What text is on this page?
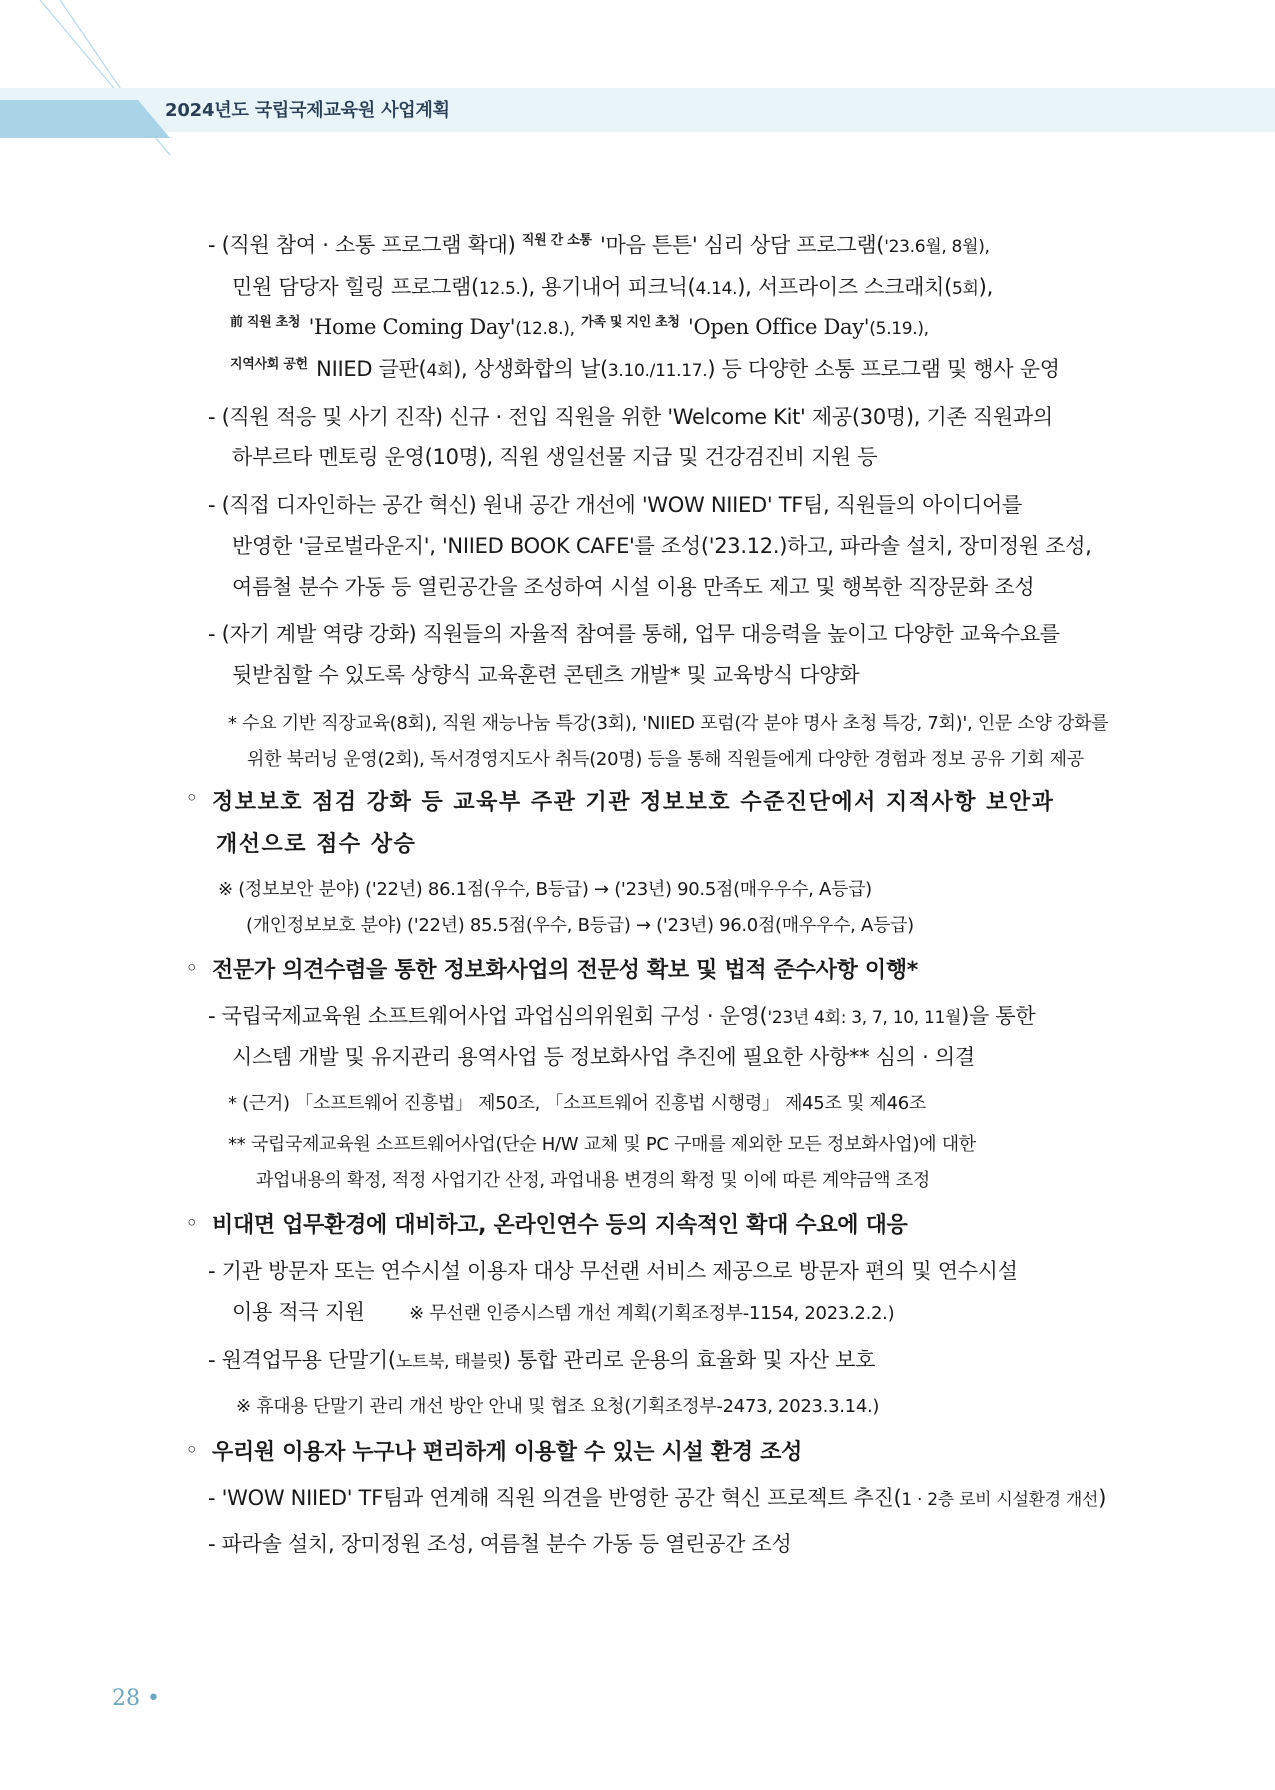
2024년도 국립국제교육원 사업계획
- (직원 참여 · 소통 프로그램 확대) $^{직원 간 소통}$ '마음 튼튼' 심리 상담 프로그램('23.6월, 8월),
민원 담당자 힐링 프로그램(12.5.), 용기내어 피크닉(4.14.), 서프라이즈 스크래치(5회),
$^{前 직원 초청}$ 'Home Coming Day'(12.8.), $^{가족 및 지인 초청}$ 'Open Office Day'(5.19.),
$^{지역사회 공헌}$ NIIED 글판(4회), 상생화합의 날(3.10./11.17.) 등 다양한 소통 프로그램 및 행사 운영
- (직원 적응 및 사기 진작) 신규 · 전입 직원을 위한 'Welcome Kit' 제공(30명), 기존 직원과의
하부르타 멘토링 운영(10명), 직원 생일선물 지급 및 건강검진비 지원 등
- (직접 디자인하는 공간 혁신) 원내 공간 개선에 'WOW NIIED' TF팀, 직원들의 아이디어를
반영한 '글로벌라운지', 'NIIED BOOK CAFE'를 조성('23.12.)하고, 파라솔 설치, 장미정원 조성,
여름철 분수 가동 등 열린공간을 조성하여 시설 이용 만족도 제고 및 행복한 직장문화 조성
- (자기 계발 역량 강화) 직원들의 자율적 참여를 통해, 업무 대응력을 높이고 다양한 교육수요를
뒷받침할 수 있도록 상향식 교육훈련 콘텐츠 개발* 및 교육방식 다양화
* 수요 기반 직장교육(8회), 직원 재능나눔 특강(3회), 'NIIED 포럼(각 분야 명사 초청 특강, 7회)', 인문 소양 강화를
위한 북러닝 운영(2회), 독서경영지도사 취득(20명) 등을 통해 직원들에게 다양한 경험과 정보 공유 기회 제공
◦ 정보보호 점검 강화 등 교육부 주관 기관 정보보호 수준진단에서 지적사항 보안과
개선으로 점수 상승
※ (정보보안 분야) ('22년) 86.1점(우수, B등급) → ('23년) 90.5점(매우우수, A등급)
(개인정보보호 분야) ('22년) 85.5점(우수, B등급) → ('23년) 96.0점(매우우수, A등급)
◦ 전문가 의견수렴을 통한 정보화사업의 전문성 확보 및 법적 준수사항 이행*
- 국립국제교육원 소프트웨어사업 과업심의위원회 구성 · 운영('23년 4회: 3, 7, 10, 11월)을 통한
시스템 개발 및 유지관리 용역사업 등 정보화사업 추진에 필요한 사항** 심의 · 의결
* (근거) 「소프트웨어 진흥법」 제50조, 「소프트웨어 진흥법 시행령」 제45조 및 제46조
** 국립국제교육원 소프트웨어사업(단순 H/W 교체 및 PC 구매를 제외한 모든 정보화사업)에 대한
과업내용의 확정, 적정 사업기간 산정, 과업내용 변경의 확정 및 이에 따른 계약금액 조정
◦ 비대면 업무환경에 대비하고, 온라인연수 등의 지속적인 확대 수요에 대응
- 기관 방문자 또는 연수시설 이용자 대상 무선랜 서비스 제공으로 방문자 편의 및 연수시설
이용 적극 지원 ※ 무선랜 인증시스템 개선 계획(기획조정부-1154, 2023.2.2.)
- 원격업무용 단말기(노트북, 태블릿) 통합 관리로 운용의 효율화 및 자산 보호
※ 휴대용 단말기 관리 개선 방안 안내 및 협조 요청(기획조정부-2473, 2023.3.14.)
◦ 우리원 이용자 누구나 편리하게 이용할 수 있는 시설 환경 조성
- 'WOW NIIED' TF팀과 연계해 직원 의견을 반영한 공간 혁신 프로젝트 추진(1 · 2층 로비 시설환경 개선)
- 파라솔 설치, 장미정원 조성, 여름철 분수 가동 등 열린공간 조성
28 •
